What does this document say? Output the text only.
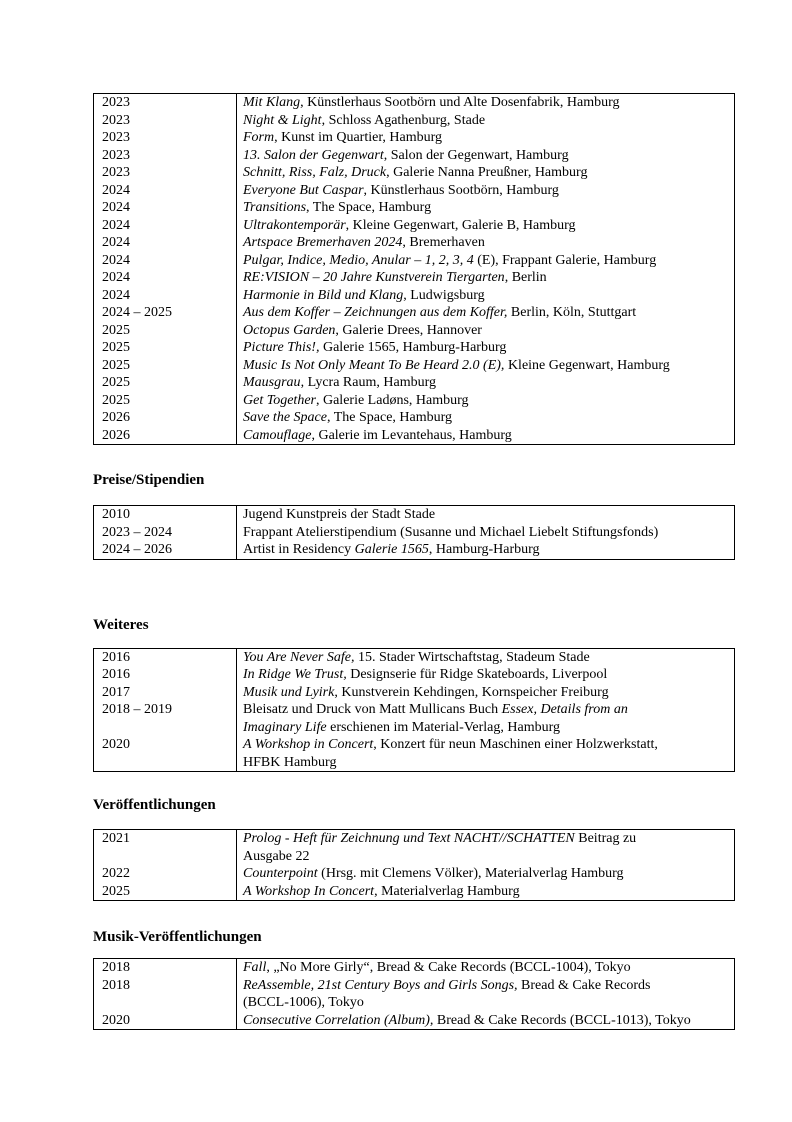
2023	Mit Klang, Künstlerhaus Sootbörn und Alte Dosenfabrik, Hamburg
2023	Night & Light, Schloss Agathenburg, Stade
2023	Form, Kunst im Quartier, Hamburg
2023	13. Salon der Gegenwart, Salon der Gegenwart, Hamburg
2023	Schnitt, Riss, Falz, Druck, Galerie Nanna Preußner, Hamburg
2024	Everyone But Caspar, Künstlerhaus Sootbörn, Hamburg
2024	Transitions, The Space, Hamburg
2024	Ultrakontemporär, Kleine Gegenwart, Galerie B, Hamburg
2024	Artspace Bremerhaven 2024, Bremerhaven
2024	Pulgar, Indice, Medio, Anular – 1, 2, 3, 4 (E), Frappant Galerie, Hamburg
2024	RE:VISION – 20 Jahre Kunstverein Tiergarten, Berlin
2024	Harmonie in Bild und Klang, Ludwigsburg
2024 – 2025	Aus dem Koffer – Zeichnungen aus dem Koffer, Berlin, Köln, Stuttgart
2025	Octopus Garden, Galerie Drees, Hannover
2025	Picture This!, Galerie 1565, Hamburg-Harburg
2025	Music Is Not Only Meant To Be Heard 2.0 (E), Kleine Gegenwart, Hamburg
2025	Mausgrau, Lycra Raum, Hamburg
2025	Get Together, Galerie Ladøns, Hamburg
2026	Save the Space, The Space, Hamburg
2026	Camouflage, Galerie im Levantehaus, Hamburg
Preise/Stipendien
2010	Jugend Kunstpreis der Stadt Stade
2023 – 2024	Frappant Atelierstipendium (Susanne und Michael Liebelt Stiftungsfonds)
2024 – 2026	Artist in Residency Galerie 1565, Hamburg-Harburg
Weiteres
2016	You Are Never Safe, 15. Stader Wirtschaftstag, Stadeum Stade
2016	In Ridge We Trust, Designserie für Ridge Skateboards, Liverpool
2017	Musik und Lyirk, Kunstverein Kehdingen, Kornspeicher Freiburg
2018 – 2019	Bleisatz und Druck von Matt Mullicans Buch Essex, Details from an
Imaginary Life erschienen im Material-Verlag, Hamburg
2020	A Workshop in Concert, Konzert für neun Maschinen einer Holzwerkstatt,
HFBK Hamburg
Veröffentlichungen
2021	Prolog - Heft für Zeichnung und Text NACHT//SCHATTEN Beitrag zu
Ausgabe 22
2022	Counterpoint (Hrsg. mit Clemens Völker), Materialverlag Hamburg
2025	A Workshop In Concert, Materialverlag Hamburg
Musik-Veröffentlichungen
2018	Fall, „No More Girly“, Bread & Cake Records (BCCL-1004), Tokyo
2018	ReAssemble, 21st Century Boys and Girls Songs, Bread & Cake Records
(BCCL-1006), Tokyo
2020	Consecutive Correlation (Album), Bread & Cake Records (BCCL-1013), Tokyo
